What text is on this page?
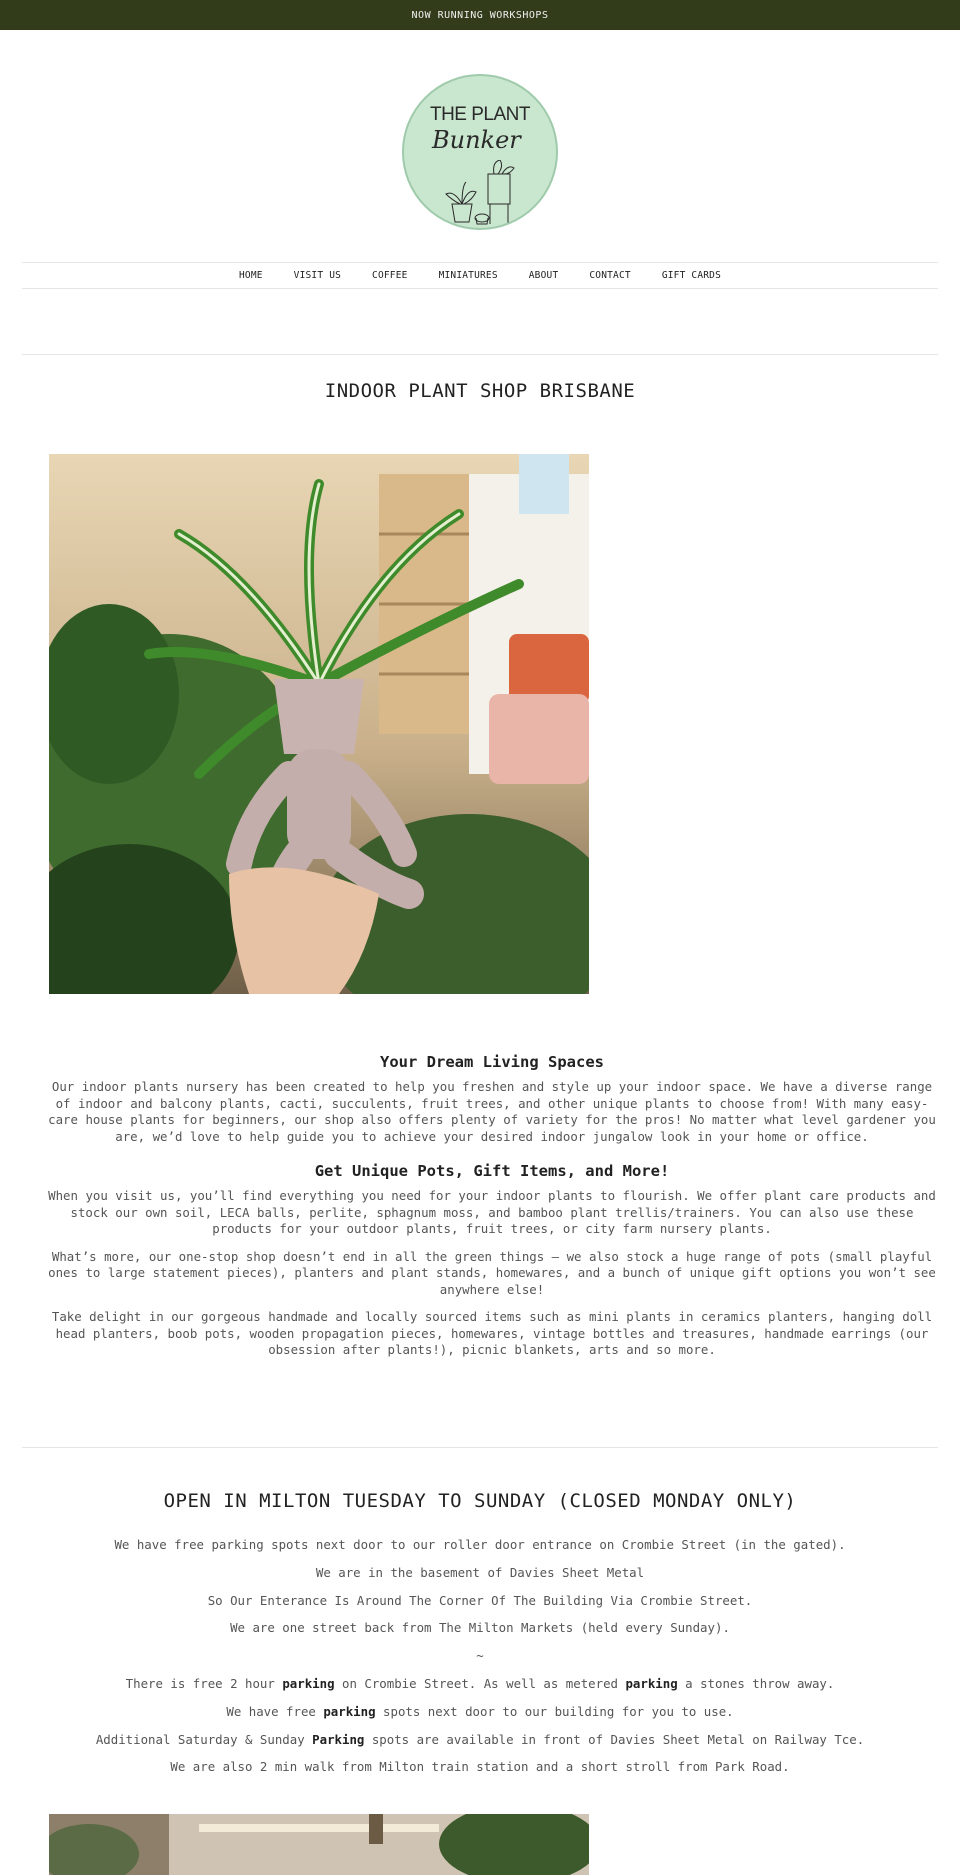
NOW RUNNING WORKSHOPS
THE PLANT
Bunker
HOME	VISIT US	COFFEE	MINIATURES	ABOUT	CONTACT	GIFT CARDS
INDOOR PLANT SHOP BRISBANE
Your Dream Living Spaces

Our indoor plants nursery has been created to help you freshen and style up your indoor space. We have a diverse range of indoor and balcony plants, cacti, succulents, fruit trees, and other unique plants to choose from! With many easy-care house plants for beginners, our shop also offers plenty of variety for the pros! No matter what level gardener you are, we’d love to help guide you to achieve your desired indoor jungalow look in your home or office.

Get Unique Pots, Gift Items, and More!

When you visit us, you’ll find everything you need for your indoor plants to flourish. We offer plant care products and stock our own soil, LECA balls, perlite, sphagnum moss, and bamboo plant trellis/trainers. You can also use these products for your outdoor plants, fruit trees, or city farm nursery plants.

What’s more, our one-stop shop doesn’t end in all the green things — we also stock a huge range of pots (small playful ones to large statement pieces), planters and plant stands, homewares, and a bunch of unique gift options you won’t see anywhere else!

Take delight in our gorgeous handmade and locally sourced items such as mini plants in ceramics planters, hanging doll head planters, boob pots, wooden propagation pieces, homewares, vintage bottles and treasures, handmade earrings (our obsession after plants!), picnic blankets, arts and so more.

OPEN IN MILTON TUESDAY TO SUNDAY (CLOSED MONDAY ONLY)

We have free parking spots next door to our roller door entrance on Crombie Street (in the gated).

We are in the basement of Davies Sheet Metal

So Our Enterance Is Around The Corner Of The Building Via Crombie Street.

We are one street back from The Milton Markets (held every Sunday).

~

There is free 2 hour parking on Crombie Street. As well as metered parking a stones throw away.

We have free parking spots next door to our building for you to use.

Additional Saturday & Sunday Parking spots are available in front of Davies Sheet Metal on Railway Tce.

We are also 2 min walk from Milton train station and a short stroll from Park Road.
